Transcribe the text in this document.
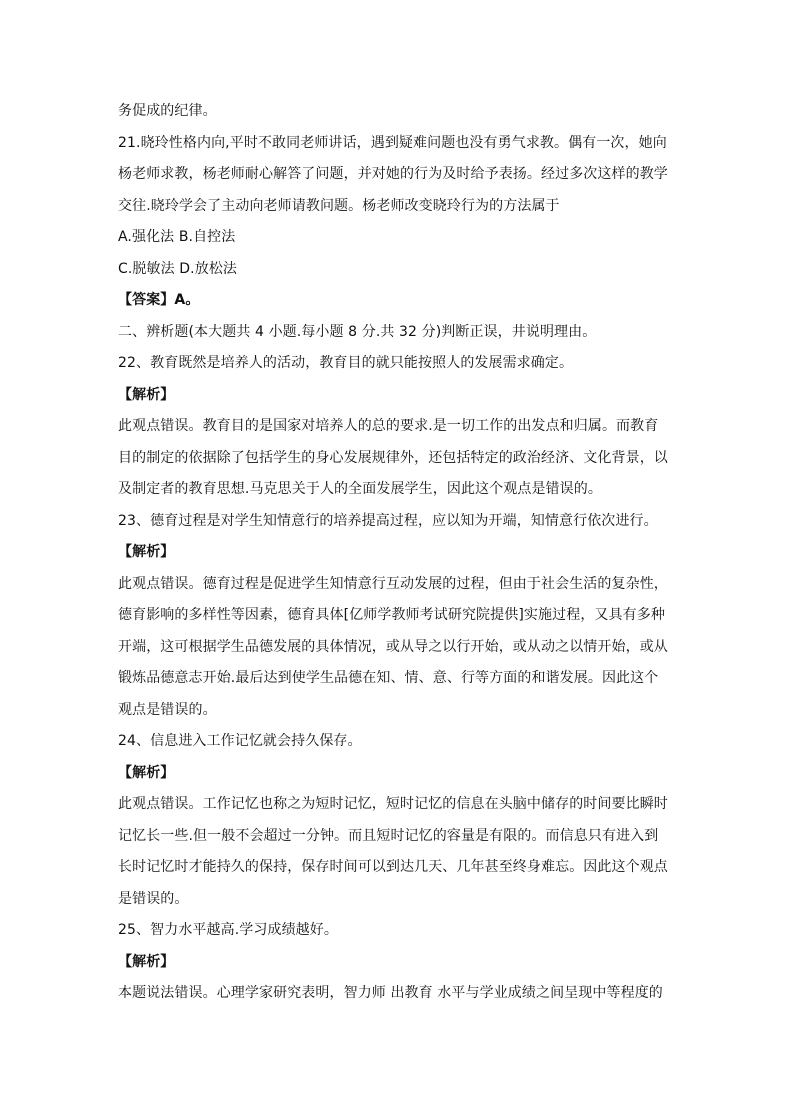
务促成的纪律。
21.晓玲性格内向,平时不敢同老师讲话，遇到疑难问题也没有勇气求教。偶有一次，她向
杨老师求教，杨老师耐心解答了问题，并对她的行为及时给予表扬。经过多次这样的教学
交往.晓玲学会了主动向老师请教问题。杨老师改变晓玲行为的方法属于
A.强化法 B.自控法
C.脱敏法 D.放松法
【答案】A。
二、辨析题(本大题共 4 小题.每小题 8 分.共 32 分)判断正误，井说明理由。
22、教育既然是培养人的活动，教育目的就只能按照人的发展需求确定。
【解析】
此观点错误。教育目的是国家对培养人的总的要求.是一切工作的出发点和归属。而教育
目的制定的依据除了包括学生的身心发展规律外，还包括特定的政治经济、文化背景，以
及制定者的教育思想.马克思关于人的全面发展学生，因此这个观点是错误的。
23、德育过程是对学生知情意行的培养提高过程，应以知为开端，知情意行依次进行。
【解析】
此观点错误。德育过程是促进学生知情意行互动发展的过程，但由于社会生活的复杂性，
德育影响的多样性等因素，德育具体[亿师学教师考试研究院提供]实施过程，又具有多种
开端，这可根据学生品德发展的具体情况，或从导之以行开始，或从动之以情开始，或从
锻炼品德意志开始.最后达到使学生品德在知、情、意、行等方面的和谐发展。因此这个
观点是错误的。
24、信息进入工作记忆就会持久保存。
【解析】
此观点错误。工作记忆也称之为短时记忆，短时记忆的信息在头脑中储存的时间要比瞬时
记忆长一些.但一般不会超过一分钟。而且短时记忆的容量是有限的。而信息只有进入到
长时记忆时才能持久的保持，保存时间可以到达几天、几年甚至终身难忘。因此这个观点
是错误的。
25、智力水平越高.学习成绩越好。
【解析】
本题说法错误。心理学家研究表明，智力师 出教育 水平与学业成绩之间呈现中等程度的
